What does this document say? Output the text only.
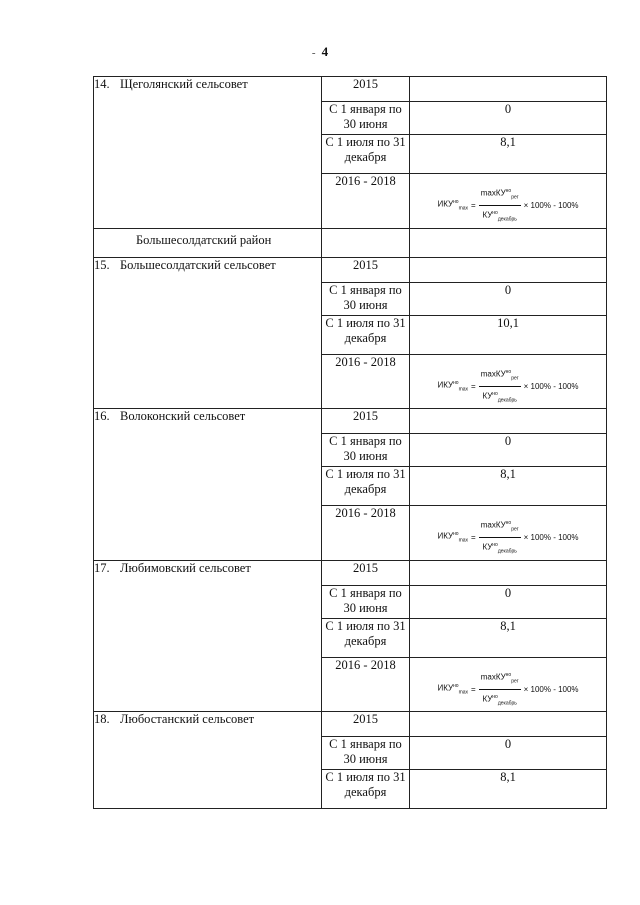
- 4
14. Щеголянский сельсовет	2015	
	С 1 января по 30 июня	0
	С 1 июля по 31 декабря	8,1
	2016 - 2018	$ИКУ^{но}_{max} = \frac{\max КУ^{но}_{рег}}{КУ^{но}_{декабрь}} \times 100\% - 100\%$

Большесолдатский район		
15. Большесолдатский сельсовет	2015	
	С 1 января по 30 июня	0
	С 1 июля по 31 декабря	10,1
	2016 - 2018	$ИКУ^{но}_{max} = \frac{\max КУ^{но}_{рег}}{КУ^{но}_{декабрь}} \times 100\% - 100\%$

16. Волоконский сельсовет	2015	
	С 1 января по 30 июня	0
	С 1 июля по 31 декабря	8,1
	2016 - 2018	$ИКУ^{но}_{max} = \frac{\max КУ^{но}_{рег}}{КУ^{но}_{декабрь}} \times 100\% - 100\%$

17. Любимовский сельсовет	2015	
	С 1 января по 30 июня	0
	С 1 июля по 31 декабря	8,1
	2016 - 2018	$ИКУ^{но}_{max} = \frac{\max КУ^{но}_{рег}}{КУ^{но}_{декабрь}} \times 100\% - 100\%$

18. Любостанский сельсовет	2015	
	С 1 января по 30 июня	0
	С 1 июля по 31 декабря	8,1
